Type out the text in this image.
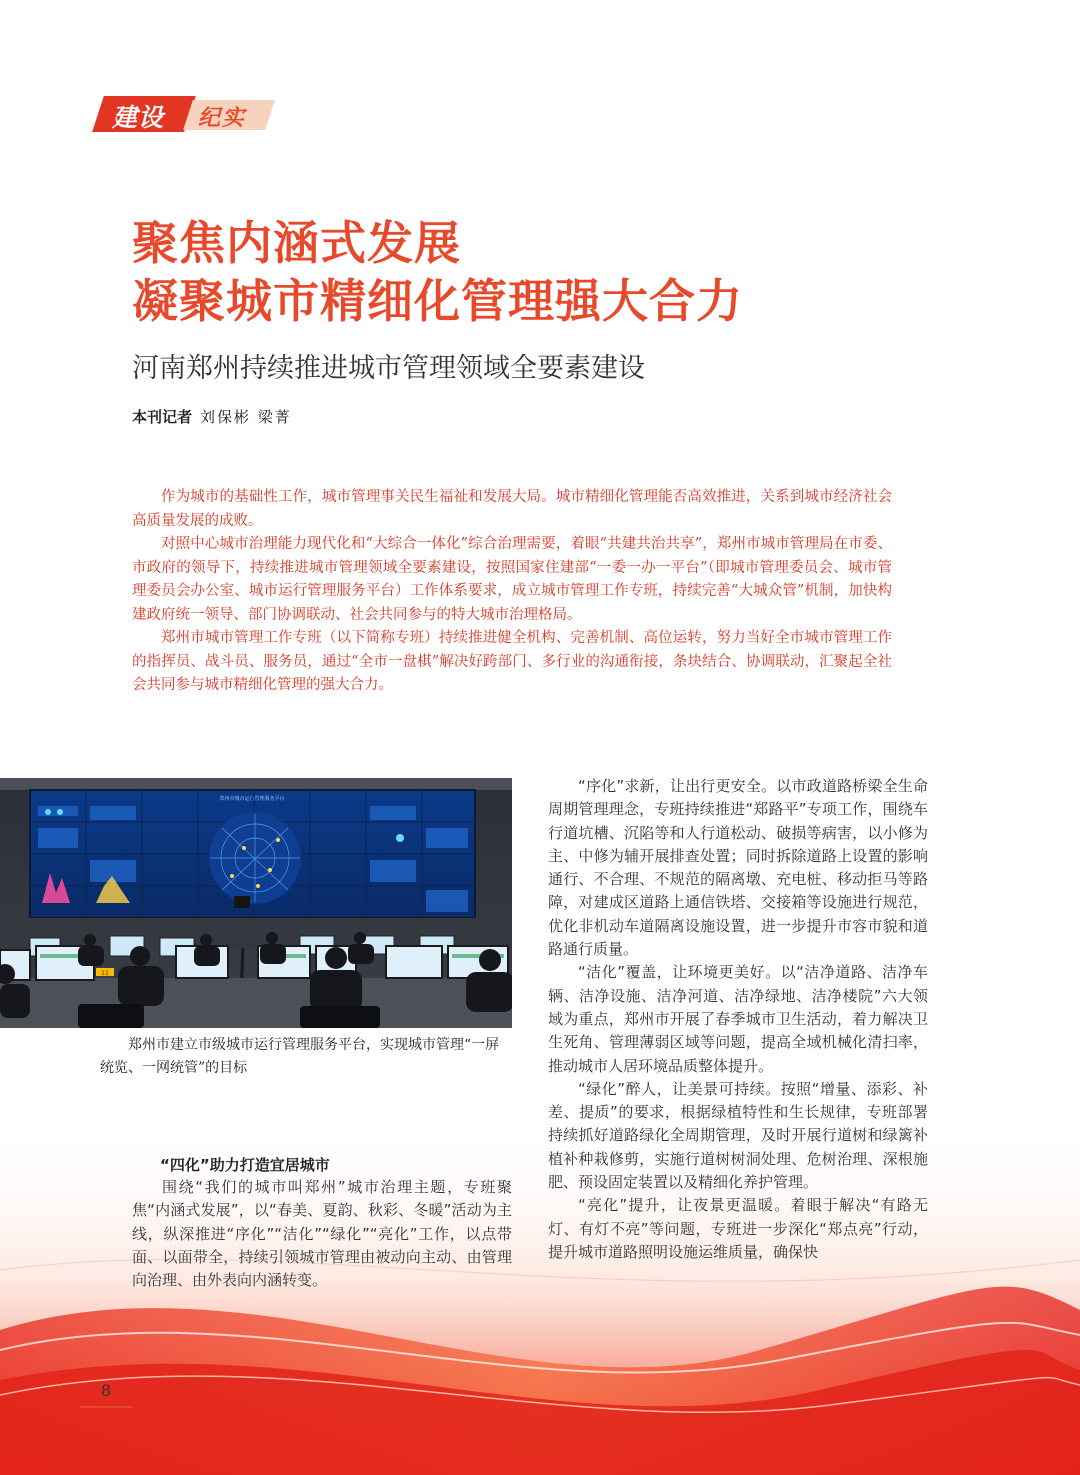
建设 纪实
聚焦内涵式发展
凝聚城市精细化管理强大合力
河南郑州持续推进城市管理领域全要素建设
本刊记者 刘保彬 梁菁

作为城市的基础性工作，城市管理事关民生福祉和发展大局。城市精细化管理能否高效推进，关系到城市经济社会高质量发展的成败。

对照中心城市治理能力现代化和“大综合一体化”综合治理需要，着眼“共建共治共享”，郑州市城市管理局在市委、市政府的领导下，持续推进城市管理领域全要素建设，按照国家住建部“一委一办一平台”（即城市管理委员会、城市管理委员会办公室、城市运行管理服务平台）工作体系要求，成立城市管理工作专班，持续完善“大城众管”机制，加快构建政府统一领导、部门协调联动、社会共同参与的特大城市治理格局。

郑州市城市管理工作专班（以下简称专班）持续推进健全机构、完善机制、高位运转，努力当好全市城市管理工作的指挥员、战斗员、服务员，通过“全市一盘棋”解决好跨部门、多行业的沟通衔接，条块结合、协调联动，汇聚起全社会共同参与城市精细化管理的强大合力。

郑州市城市运行管理服务平台
11

郑州市建立市级城市运行管理服务平台，实现城市管理“一屏统览、一网统管”的目标

“四化”助力打造宜居城市

围绕“我们的城市叫郑州”城市治理主题，专班聚焦“内涵式发展”，以“春美、夏韵、秋彩、冬暖”活动为主线，纵深推进“序化”“洁化”“绿化”“亮化”工作，以点带面、以面带全，持续引领城市管理由被动向主动、由管理向治理、由外表向内涵转变。

“序化”求新，让出行更安全。以市政道路桥梁全生命周期管理理念，专班持续推进“郑路平”专项工作，围绕车行道坑槽、沉陷等和人行道松动、破损等病害，以小修为主、中修为辅开展排查处置；同时拆除道路上设置的影响通行、不合理、不规范的隔离墩、充电桩、移动拒马等路障，对建成区道路上通信铁塔、交接箱等设施进行规范，优化非机动车道隔离设施设置，进一步提升市容市貌和道路通行质量。

“洁化”覆盖，让环境更美好。以“洁净道路、洁净车辆、洁净设施、洁净河道、洁净绿地、洁净楼院”六大领域为重点，郑州市开展了春季城市卫生活动，着力解决卫生死角、管理薄弱区域等问题，提高全域机械化清扫率，推动城市人居环境品质整体提升。

“绿化”醉人，让美景可持续。按照“增量、添彩、补差、提质”的要求，根据绿植特性和生长规律，专班部署持续抓好道路绿化全周期管理，及时开展行道树和绿篱补植补种栽修剪，实施行道树树洞处理、危树治理、深根施肥、预设固定装置以及精细化养护管理。

“亮化”提升，让夜景更温暖。着眼于解决“有路无灯、有灯不亮”等问题，专班进一步深化“郑点亮”行动，提升城市道路照明设施运维质量，确保快

8
